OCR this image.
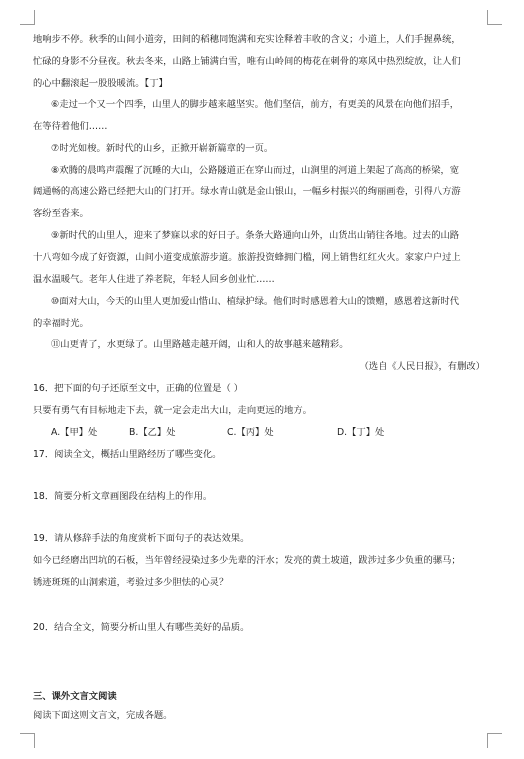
地响步不停。秋季的山间小道旁，田间的稻穗同饱满和充实诠释着丰收的含义；小道上，人们手握鼻统，
忙碌的身影不分昼夜。秋去冬来，山路上铺满白雪，唯有山岭间的梅花在刺骨的寒风中热烈绽放，让人们
的心中翻滚起一股股暖流。【丁】
⑥走过一个又一个四季，山里人的脚步越来越坚实。他们坚信，前方，有更美的风景在向他们招手，
在等待着他们……
⑦时光如梭。新时代的山乡，正掀开崭新篇章的一页。
⑧欢腾的晨鸣声震醒了沉睡的大山，公路隧道正在穿山而过，山涧里的河道上架起了高高的桥梁，宽
阔通畅的高速公路已经把大山的门打开。绿水青山就是金山银山，一幅乡村振兴的绚丽画卷，引得八方游
客纷至沓来。
⑨新时代的山里人，迎来了梦寐以求的好日子。条条大路通向山外，山货出山销往各地。过去的山路
十八弯如今成了好资源，山间小道变成旅游步道。旅游投资蜂拥门槛，网上销售红红火火。家家户户过上
温水温暖气。老年人住进了养老院，年轻人回乡创业忙……
⑩面对大山，今天的山里人更加爱山惜山、植绿护绿。他们时时感恩着大山的馈赠，感恩着这新时代
的幸福时光。
⑪山更青了，水更绿了。山里路越走越开阔，山和人的故事越来越精彩。
（选自《人民日报》，有删改）
16．把下面的句子还原至文中，正确的位置是（ ）
只要有勇气有目标地走下去，就一定会走出大山，走向更远的地方。
A.【甲】处	B.【乙】处	C.【丙】处	D.【丁】处
17．阅读全文，概括山里路经历了哪些变化。
18．简要分析文章画图段在结构上的作用。
19．请从修辞手法的角度赏析下面句子的表达效果。
如今已经磨出凹坑的石板，当年曾经浸染过多少先辈的汗水；发亮的黄土坡道，跋涉过多少负重的骡马；
锈迹斑斑的山洞索道，考验过多少胆怯的心灵？
20．结合全文，简要分析山里人有哪些美好的品质。
三、课外文言文阅读
阅读下面这则文言文，完成各题。
